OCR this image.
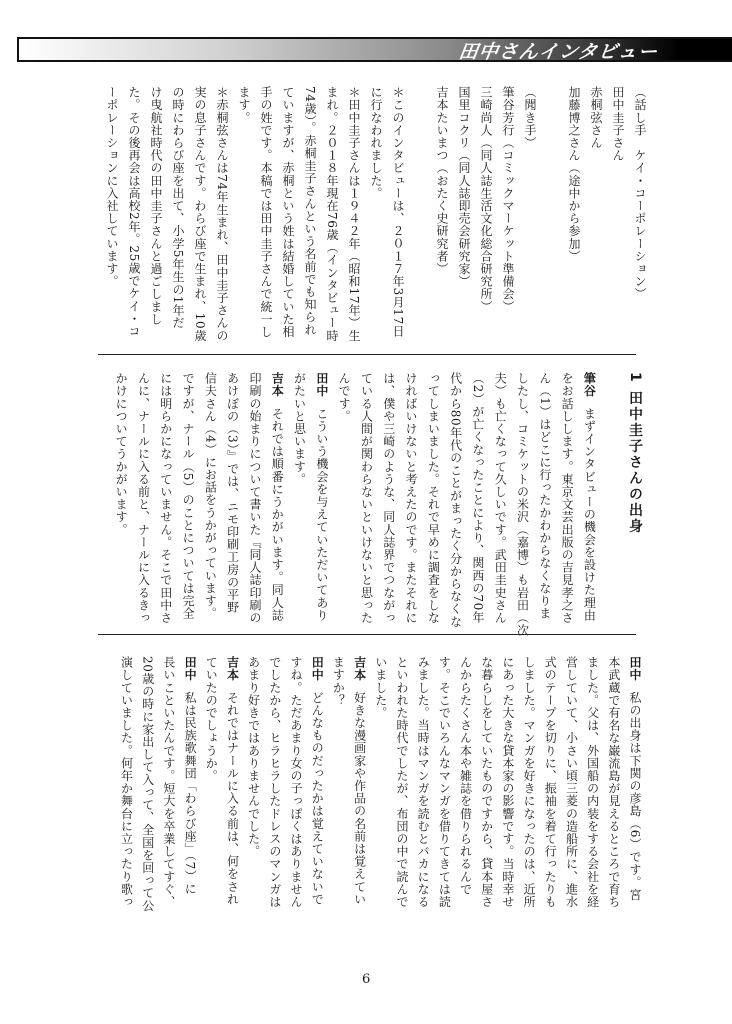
田中さんインタビュー
（話し手　ケイ・コーポレーション）
田中圭子さん
赤桐弦さん
加藤博之さん（途中から参加）
（聞き手）
筆谷芳行（コミックマーケット準備会）
三崎尚人（同人誌生活文化総合研究所）
国里コクリ（同人誌即売会研究家）
吉本たいまつ（おたく史研究者）
＊このインタビューは、２０１７年3月17日
に行なわれました。
＊田中圭子さんは１９４２年（昭和17年）生
まれ。２０１８年現在76歳（インタビュー時
74歳）。赤桐圭子さんという名前でも知られ
ていますが、赤桐という姓は結婚していた相
手の姓です。本稿では田中圭子さんで統一し
ます。
＊赤桐弦さんは74年生まれ、田中圭子さんの
実の息子さんです。わらび座で生まれ、10歳
の時にわらび座を出て、小学5年生の1年だ
け曳航社時代の田中圭子さんと過ごしまし
た。その後再会は高校2年。25歳でケイ・コ
ーポレーションに入社しています。
1 田中圭子さんの出身
筆谷まずインタビューの機会を設けた理由
をお話しします。東京文芸出版の吉見孝之さ
ん（1）はどこに行ったかわからなくなりま
したし、コミケットの米沢（嘉博）も岩田（次
夫）も亡くなって久しいです。武田圭史さん
（2）が亡くなったことにより、関西の70年
代から80年代のことがまったく分からなくな
ってしまいました。それで早めに調査をしな
ければいけないと考えたのです。またそれに
は、僕や三崎のような、同人誌界でつながっ
ている人間が関わらないといけないと思った
んです。
田中こういう機会を与えていただいてあり
がたいと思います。
吉本それでは順番にうかがいます。同人誌
印刷の始まりについて書いた『同人誌印刷の
あけぼの（3）』では、ニモ印刷工房の平野
信夫さん（4）にお話をうかがっています。
ですが、ナール（5）のことについては完全
には明らかになっていません。そこで田中さ
んに、ナールに入る前と、ナールに入るきっ
かけについてうかがいます。
田中私の出身は下関の彦島（6）です。宮
本武蔵で有名な巌流島が見えるところで育ち
ました。父は、外国船の内装をする会社を経
営していて、小さい頃三菱の造船所に、進水
式のテープを切りに、振袖を着て行ったりも
しました。マンガを好きになったのは、近所
にあった大きな貸本家の影響です。当時幸せ
な暮らしをしていたものですから、貸本屋さ
んからたくさん本や雑誌を借りられるんで
す。そこでいろんなマンガを借りてきては読
みました。当時はマンガを読むとバカになる
といわれた時代でしたが、布団の中で読んで
いました。
吉本好きな漫画家や作品の名前は覚えてい
ますか？
田中どんなものだったかは覚えていないで
すね。ただあまり女の子っぽくはありません
でしたから、ヒラヒラしたドレスのマンガは
あまり好きではありませんでした。
吉本それではナールに入る前は、何をされ
ていたのでしょうか。
田中私は民族歌舞団「わらび座」（7）に
長いこといたんです。短大を卒業してすぐ、
20歳の時に家出して入って、全国を回って公
演していました。何年か舞台に立ったり歌っ
6
